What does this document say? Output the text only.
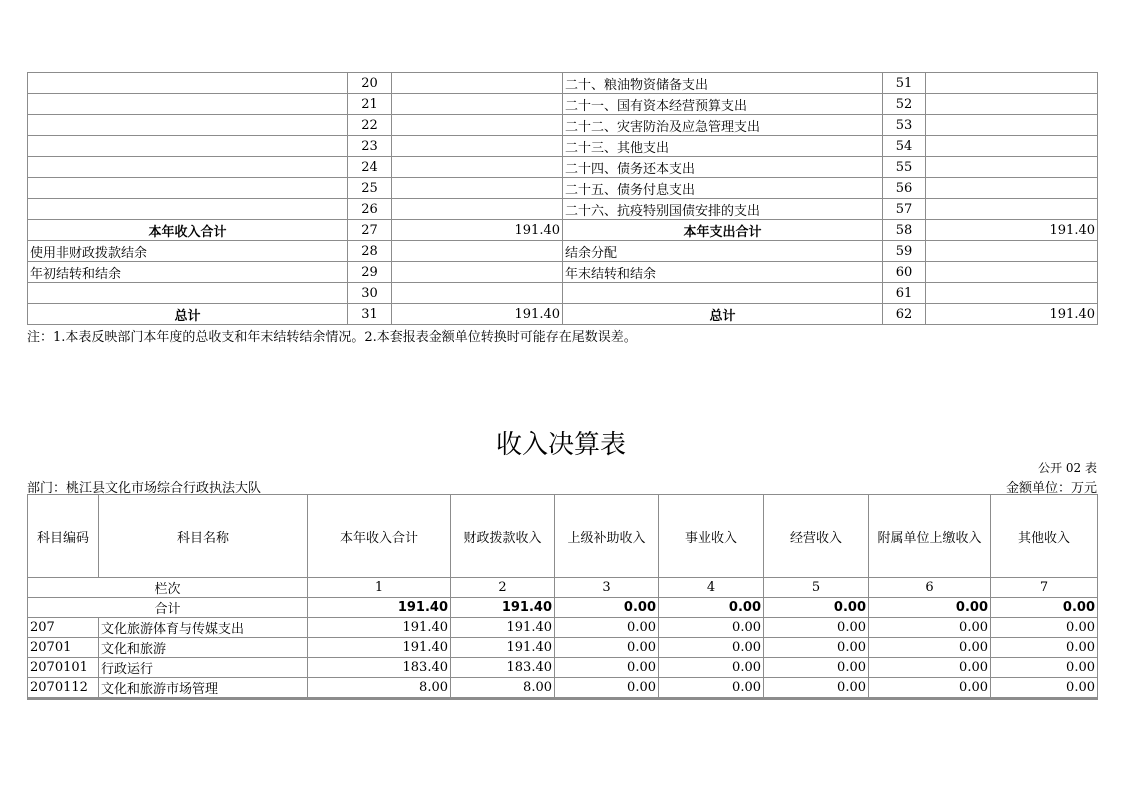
	20		二十、粮油物资储备支出	51	
	21		二十一、国有资本经营预算支出	52	
	22		二十二、灾害防治及应急管理支出	53	
	23		二十三、其他支出	54	
	24		二十四、债务还本支出	55	
	25		二十五、债务付息支出	56	
	26		二十六、抗疫特别国债安排的支出	57	
本年收入合计	27	191.40	本年支出合计	58	191.40
使用非财政拨款结余	28		结余分配	59	
年初结转和结余	29		年末结转和结余	60	
	30			61	
总计	31	191.40	总计	62	191.40
注：1.本表反映部门本年度的总收支和年末结转结余情况。2.本套报表金额单位转换时可能存在尾数误差。
收入决算表
公开 02 表
部门：桃江县文化市场综合行政执法大队	金额单位：万元
科目编码	科目名称	本年收入合计	财政拨款收入	上级补助收入	事业收入	经营收入	附属单位上缴收入	其他收入
栏次		1	2	3	4	5	6	7
合计		191.40	191.40	0.00	0.00	0.00	0.00	0.00
207	文化旅游体育与传媒支出	191.40	191.40	0.00	0.00	0.00	0.00	0.00
20701	文化和旅游	191.40	191.40	0.00	0.00	0.00	0.00	0.00
2070101	行政运行	183.40	183.40	0.00	0.00	0.00	0.00	0.00
2070112	文化和旅游市场管理	8.00	8.00	0.00	0.00	0.00	0.00	0.00
